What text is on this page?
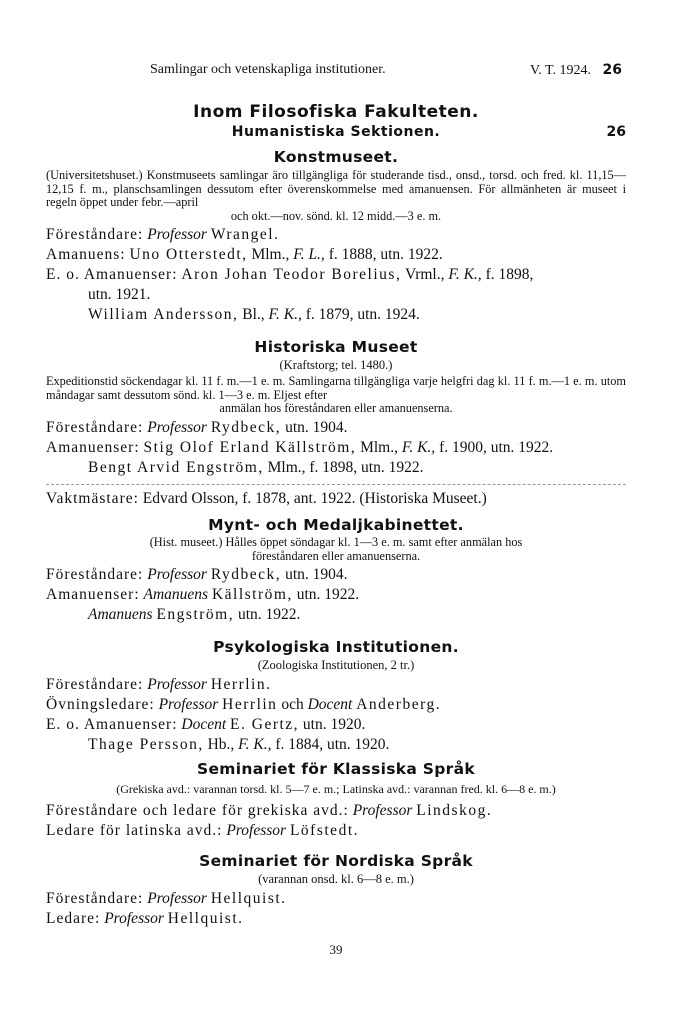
Samlingar och vetenskapliga institutioner.	V. T. 1924. 26
Inom Filosofiska Fakulteten.
Humanistiska Sektionen.	26

Konstmuseet.

(Universitetshuset.) Konstmuseets samlingar äro tillgängliga för studerande tisd., onsd., torsd. och fred. kl. 11,15—12,15 f. m., planschsamlingen dessutom efter överenskommelse med amanuensen. För allmänheten är museet i regeln öppet under febr.—april
och okt.—nov. sönd. kl. 12 midd.—3 e. m.

Föreståndare: Professor Wrangel.
Amanuens: Uno Otterstedt, Mlm., F. L., f. 1888, utn. 1922.
E. o. Amanuenser: Aron Johan Teodor Borelius, Vrml., F. K., f. 1898,
utn. 1921.
William Andersson, Bl., F. K., f. 1879, utn. 1924.

Historiska Museet

(Kraftstorg; tel. 1480.)

Expeditionstid söckendagar kl. 11 f. m.—1 e. m. Samlingarna tillgängliga varje helgfri dag kl. 11 f. m.—1 e. m. utom måndagar samt dessutom sönd. kl. 1—3 e. m. Eljest efter
anmälan hos föreståndaren eller amanuenserna.

Föreståndare: Professor Rydbeck, utn. 1904.
Amanuenser: Stig Olof Erland Källström, Mlm., F. K., f. 1900, utn. 1922.
Bengt Arvid Engström, Mlm., f. 1898, utn. 1922.
Vaktmästare: Edvard Olsson, f. 1878, ant. 1922. (Historiska Museet.)

Mynt- och Medaljkabinettet.

(Hist. museet.) Hålles öppet söndagar kl. 1—3 e. m. samt efter anmälan hos
föreståndaren eller amanuenserna.

Föreståndare: Professor Rydbeck, utn. 1904.
Amanuenser: Amanuens Källström, utn. 1922.
Amanuens Engström, utn. 1922.

Psykologiska Institutionen.

(Zoologiska Institutionen, 2 tr.)

Föreståndare: Professor Herrlin.
Övningsledare: Professor Herrlin och Docent Anderberg.
E. o. Amanuenser: Docent E. Gertz, utn. 1920.
Thage Persson, Hb., F. K., f. 1884, utn. 1920.

Seminariet för Klassiska Språk

(Grekiska avd.: varannan torsd. kl. 5—7 e. m.; Latinska avd.: varannan fred. kl. 6—8 e. m.)

Föreståndare och ledare för grekiska avd.: Professor Lindskog.
Ledare för latinska avd.: Professor Löfstedt.

Seminariet för Nordiska Språk

(varannan onsd. kl. 6—8 e. m.)

Föreståndare: Professor Hellquist.
Ledare: Professor Hellquist.
39
